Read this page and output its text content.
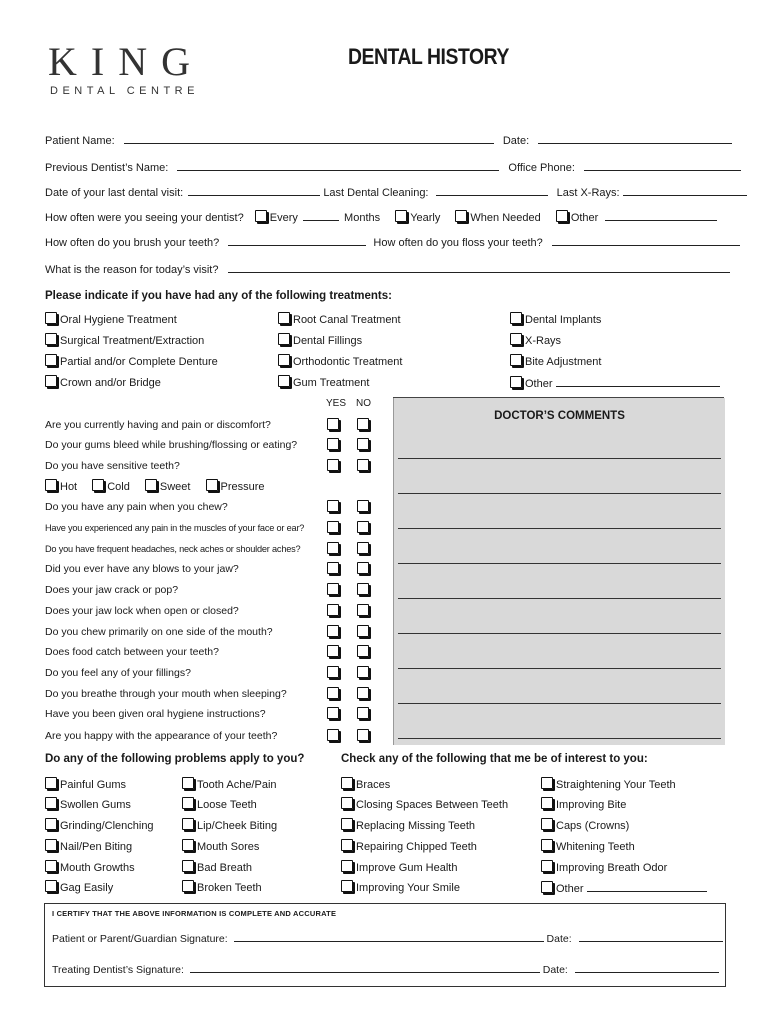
KING
DENTAL CENTRE
DENTAL HISTORY
Patient Name:	Date:
Previous Dentist’s Name:	Office Phone:
Date of your last dental visit:	Last Dental Cleaning:	Last X-Rays:
How often were you seeing your dentist? Every	Months	Yearly	When Needed	Other
How often do you brush your teeth?	How often do you floss your teeth?
What is the reason for today’s visit?
Please indicate if you have had any of the following treatments:
Oral Hygiene Treatment
Surgical Treatment/Extraction
Partial and/or Complete Denture
Crown and/or Bridge
Root Canal Treatment
Dental Fillings
Orthodontic Treatment
Gum Treatment
Dental Implants
X-Rays
Bite Adjustment
Other
YES NO
Are you currently having and pain or discomfort?
Do your gums bleed while brushing/flossing or eating?
Do you have sensitive teeth?
Hot	Cold	Sweet	Pressure
Do you have any pain when you chew?
Have you experienced any pain in the muscles of your face or ear?
Do you have frequent headaches, neck aches or shoulder aches?
Did you ever have any blows to your jaw?
Does your jaw crack or pop?
Does your jaw lock when open or closed?
Do you chew primarily on one side of the mouth?
Does food catch between your teeth?
Do you feel any of your fillings?
Do you breathe through your mouth when sleeping?
Have you been given oral hygiene instructions?
Are you happy with the appearance of your teeth?
DOCTOR’S COMMENTS
Do any of the following problems apply to you?	Check any of the following that me be of interest to you:
Painful Gums
Swollen Gums
Grinding/Clenching
Nail/Pen Biting
Mouth Growths
Gag Easily
Tooth Ache/Pain
Loose Teeth
Lip/Cheek Biting
Mouth Sores
Bad Breath
Broken Teeth
Braces
Closing Spaces Between Teeth
Replacing Missing Teeth
Repairing Chipped Teeth
Improve Gum Health
Improving Your Smile
Straightening Your Teeth
Improving Bite
Caps (Crowns)
Whitening Teeth
Improving Breath Odor
Other
I CERTIFY THAT THE ABOVE INFORMATION IS COMPLETE AND ACCURATE
Patient or Parent/Guardian Signature:	Date:
Treating Dentist’s Signature:	Date:
